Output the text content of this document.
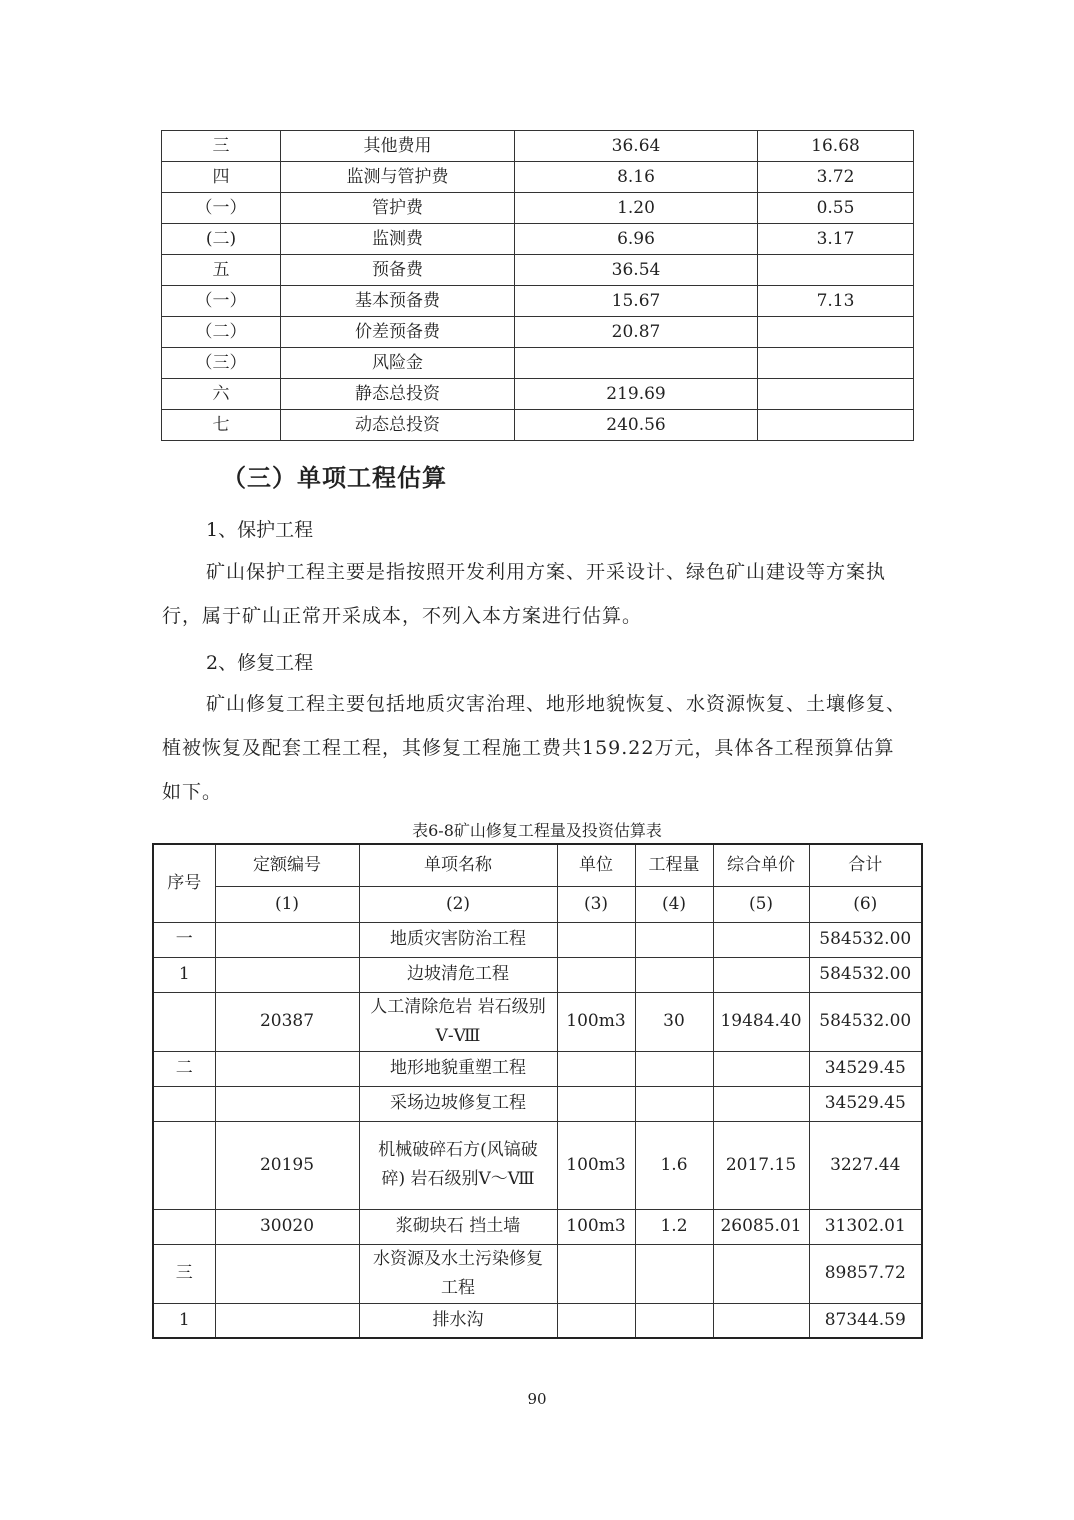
三	其他费用	36.64	16.68
四	监测与管护费	8.16	3.72
（一）	管护费	1.20	0.55
(二)	监测费	6.96	3.17
五	预备费	36.54	
（一）	基本预备费	15.67	7.13
（二）	价差预备费	20.87	
（三）	风险金		
六	静态总投资	219.69	
七	动态总投资	240.56	
（三）单项工程估算
1、保护工程
矿山保护工程主要是指按照开发利用方案、开采设计、绿色矿山建设等方案执行，属于矿山正常开采成本，不列入本方案进行估算。
2、修复工程
矿山修复工程主要包括地质灾害治理、地形地貌恢复、水资源恢复、土壤修复、植被恢复及配套工程工程，其修复工程施工费共159.22万元，具体各工程预算估算如下。
表6-8矿山修复工程量及投资估算表
序号	定额编号	单项名称	单位	工程量	综合单价	合计
	(1)	(2)	(3)	(4)	(5)	(6)
一		地质灾害防治工程				584532.00
1		边坡清危工程				584532.00
	20387	人工清除危岩 岩石级别 Ⅴ-Ⅷ	100m3	30	19484.40	584532.00
二		地形地貌重塑工程				34529.45
		采场边坡修复工程				34529.45
	20195	机械破碎石方(风镐破碎) 岩石级别Ⅴ～Ⅷ	100m3	1.6	2017.15	3227.44
	30020	浆砌块石 挡土墙	100m3	1.2	26085.01	31302.01
三		水资源及水土污染修复工程				89857.72
1		排水沟				87344.59
90
